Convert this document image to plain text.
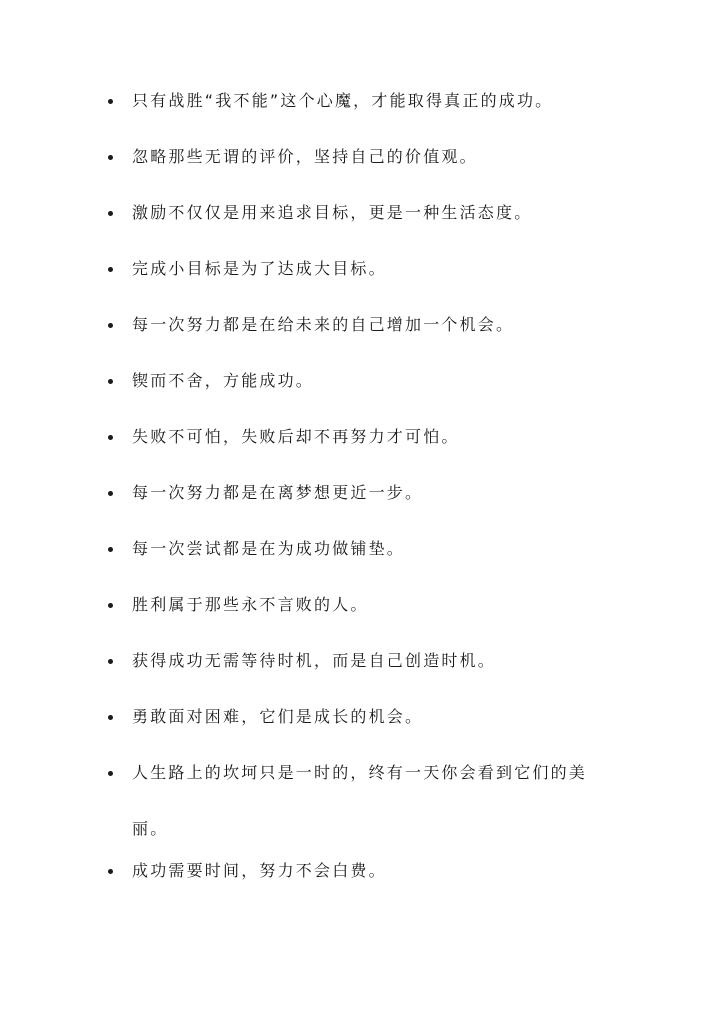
只有战胜“我不能”这个心魔，才能取得真正的成功。
忽略那些无谓的评价，坚持自己的价值观。
激励不仅仅是用来追求目标，更是一种生活态度。
完成小目标是为了达成大目标。
每一次努力都是在给未来的自己增加一个机会。
锲而不舍，方能成功。
失败不可怕，失败后却不再努力才可怕。
每一次努力都是在离梦想更近一步。
每一次尝试都是在为成功做铺垫。
胜利属于那些永不言败的人。
获得成功无需等待时机，而是自己创造时机。
勇敢面对困难，它们是成长的机会。
人生路上的坎坷只是一时的，终有一天你会看到它们的美丽。
成功需要时间，努力不会白费。
